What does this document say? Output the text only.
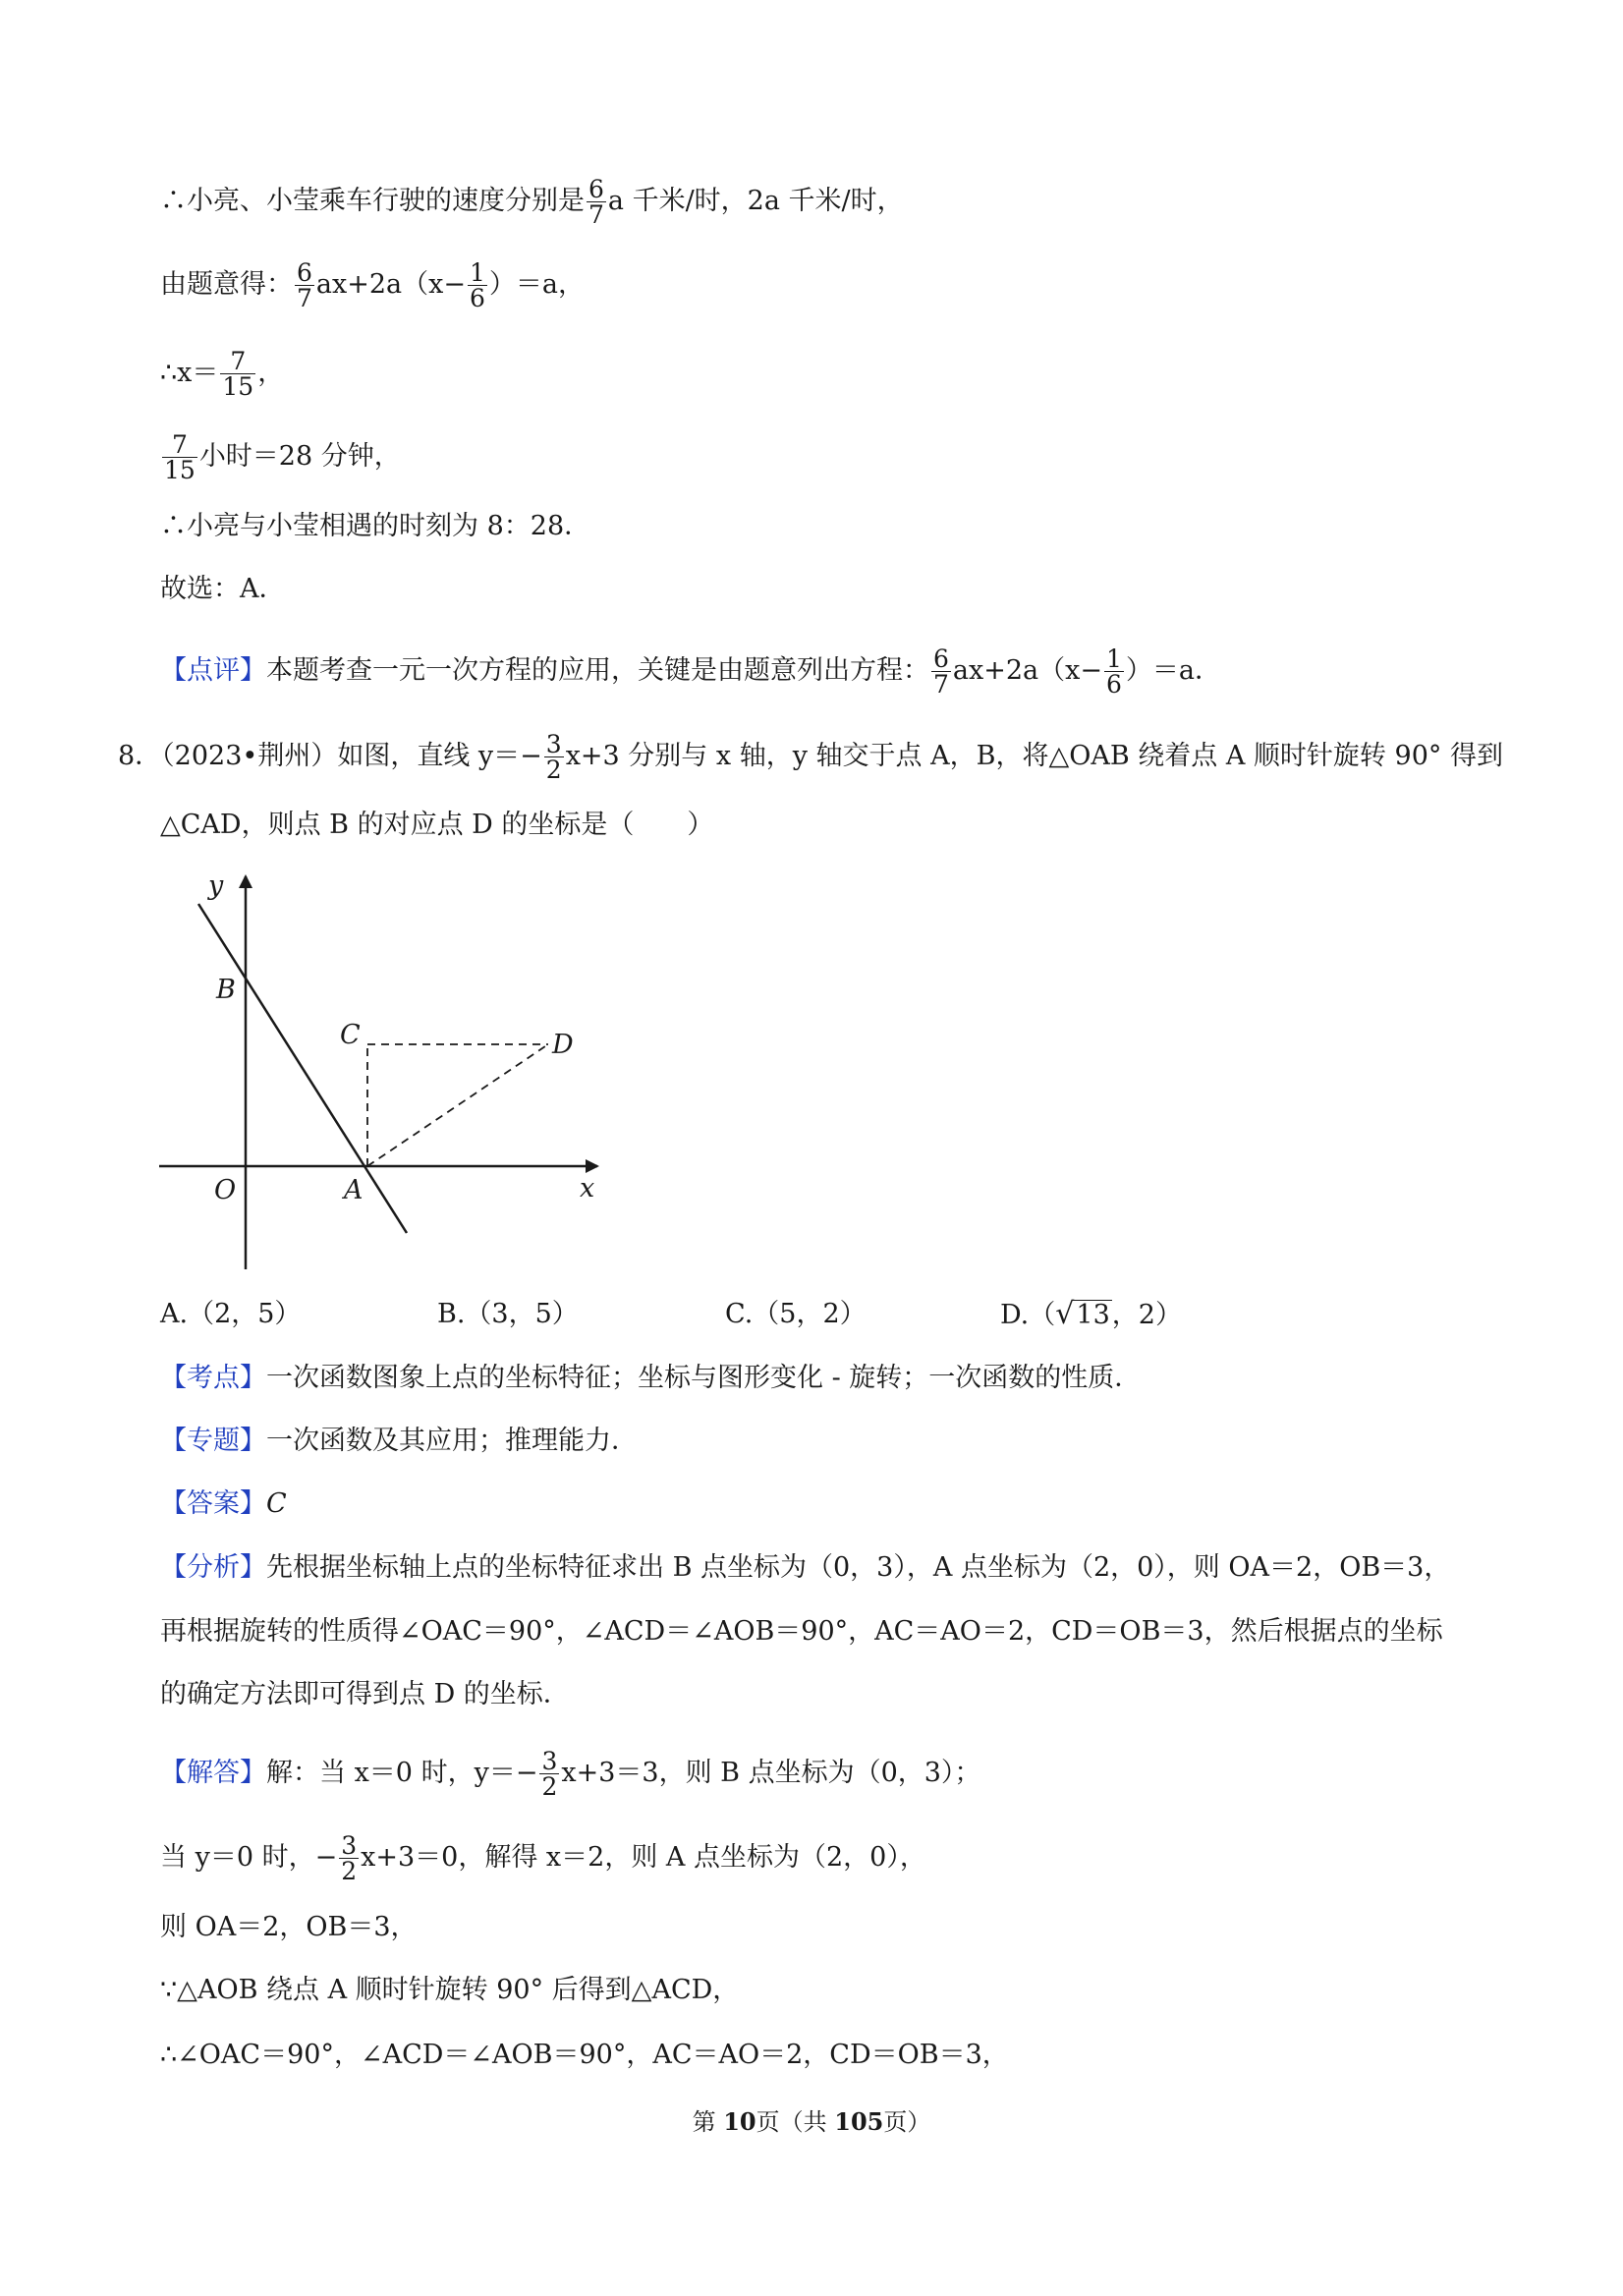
∴小亮、小莹乘车行驶的速度分别是 $\frac{6}{7}$ a 千米/时，2a 千米/时，
由题意得： $\frac{6}{7} ax+2a(x- \frac{1}{6} )=a$，
∴x＝ $\frac{7}{15}$ ，
$\frac{7}{15}$ 小时＝28 分钟，
∴小亮与小莹相遇的时刻为 8：28．
故选：A．
【点评】本题考查一元一次方程的应用，关键是由题意列出方程： $\frac{6}{7} ax+2a(x- \frac{1}{6} )=a$．
8．（2023•荆州）如图，直线 $y=- \frac{3}{2} x+3$ 分别与 x 轴，y 轴交于点 A，B，将△OAB 绕着点 A 顺时针旋转 90° 得到
△CAD，则点 B 的对应点 D 的坐标是（　　）
y
x
B
C	D
O	A
A.（2，5）	B.（3，5）	C.（5，2）	D.（√13，2）
【考点】一次函数图象上点的坐标特征；坐标与图形变化 - 旋转；一次函数的性质．
【专题】一次函数及其应用；推理能力．
【答案】C
【分析】先根据坐标轴上点的坐标特征求出 B 点坐标为（0，3），A 点坐标为（2，0），则 OA＝2，OB＝3，
再根据旋转的性质得∠OAC＝90°，∠ACD＝∠AOB＝90°，AC＝AO＝2，CD＝OB＝3，然后根据点的坐标
的确定方法即可得到点 D 的坐标．
【解答】解：当 x＝0 时，$y=- \frac{3}{2} x+3=3$，则 B 点坐标为（0，3）；
当 y＝0 时，− $\frac{3}{2} x+3=0$，解得 x＝2，则 A 点坐标为（2，0），
则 OA＝2，OB＝3，
∵△AOB 绕点 A 顺时针旋转 90° 后得到△ACD，
∴∠OAC＝90°，∠ACD＝∠AOB＝90°，AC＝AO＝2，CD＝OB＝3，
第 10页（共 105页）
